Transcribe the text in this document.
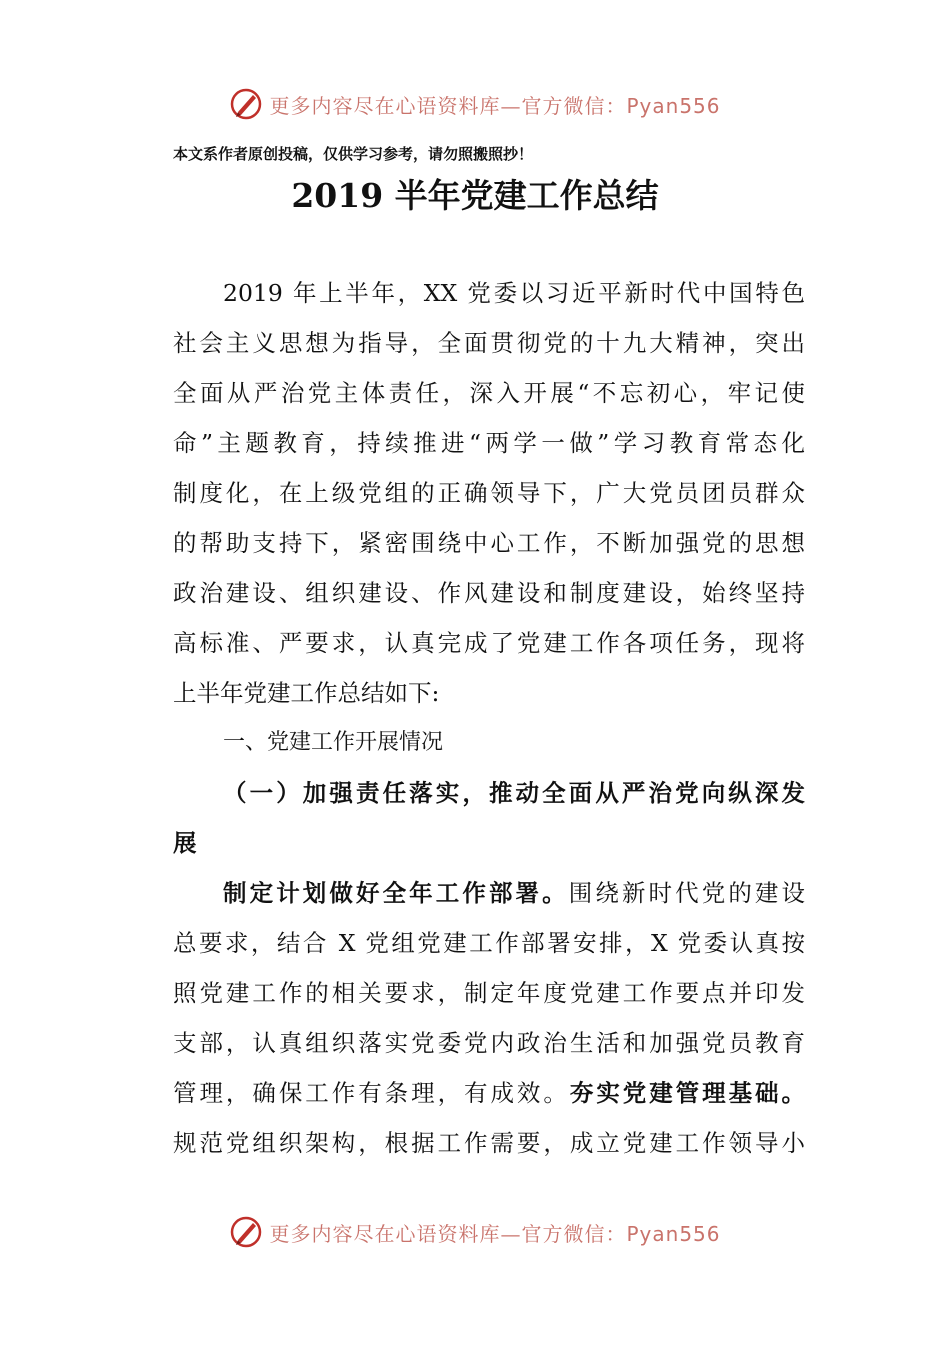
更多内容尽在心语资料库—官方微信：Pyan556
本文系作者原创投稿，仅供学习参考，请勿照搬照抄！
2019 半年党建工作总结
2019 年上半年，XX 党委以习近平新时代中国特色
社会主义思想为指导，全面贯彻党的十九大精神，突出
全面从严治党主体责任，深入开展“不忘初心，牢记使
命”主题教育，持续推进“两学一做”学习教育常态化
制度化，在上级党组的正确领导下，广大党员团员群众
的帮助支持下，紧密围绕中心工作，不断加强党的思想
政治建设、组织建设、作风建设和制度建设，始终坚持
高标准、严要求，认真完成了党建工作各项任务，现将
上半年党建工作总结如下:
一、党建工作开展情况
（一）加强责任落实，推动全面从严治党向纵深发
展
制定计划做好全年工作部署。围绕新时代党的建设
总要求，结合 X 党组党建工作部署安排，X 党委认真按
照党建工作的相关要求，制定年度党建工作要点并印发
支部，认真组织落实党委党内政治生活和加强党员教育
管理，确保工作有条理，有成效。夯实党建管理基础。
规范党组织架构，根据工作需要，成立党建工作领导小
更多内容尽在心语资料库—官方微信：Pyan556
